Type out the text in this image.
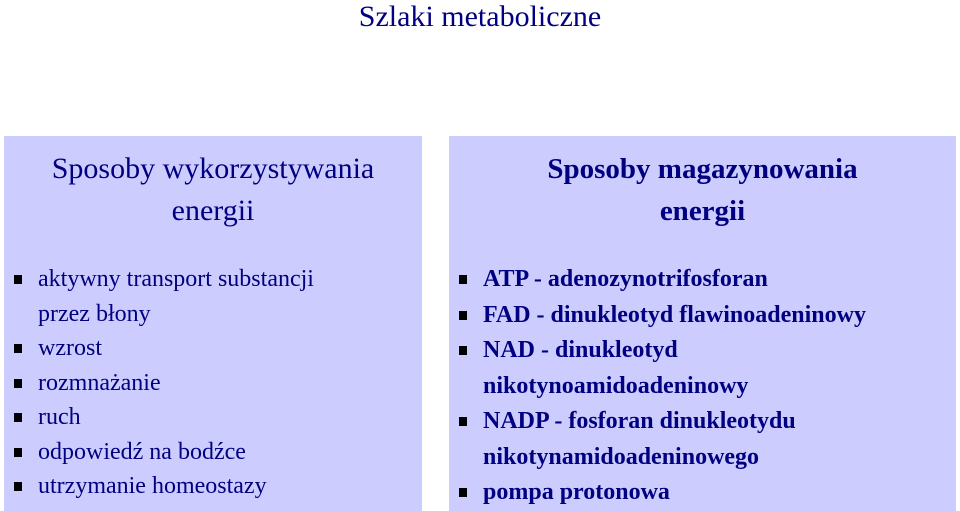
Szlaki metaboliczne
Sposoby wykorzystywania
energii
aktywny transport substancji
przez błony
wzrost
rozmnażanie
ruch
odpowiedź na bodźce
utrzymanie homeostazy
Sposoby magazynowania
energii
ATP - adenozynotrifosforan
FAD - dinukleotyd flawinoadeninowy
NAD - dinukleotyd
nikotynoamidoadeninowy
NADP - fosforan dinukleotydu
nikotynamidoadeninowego
pompa protonowa
